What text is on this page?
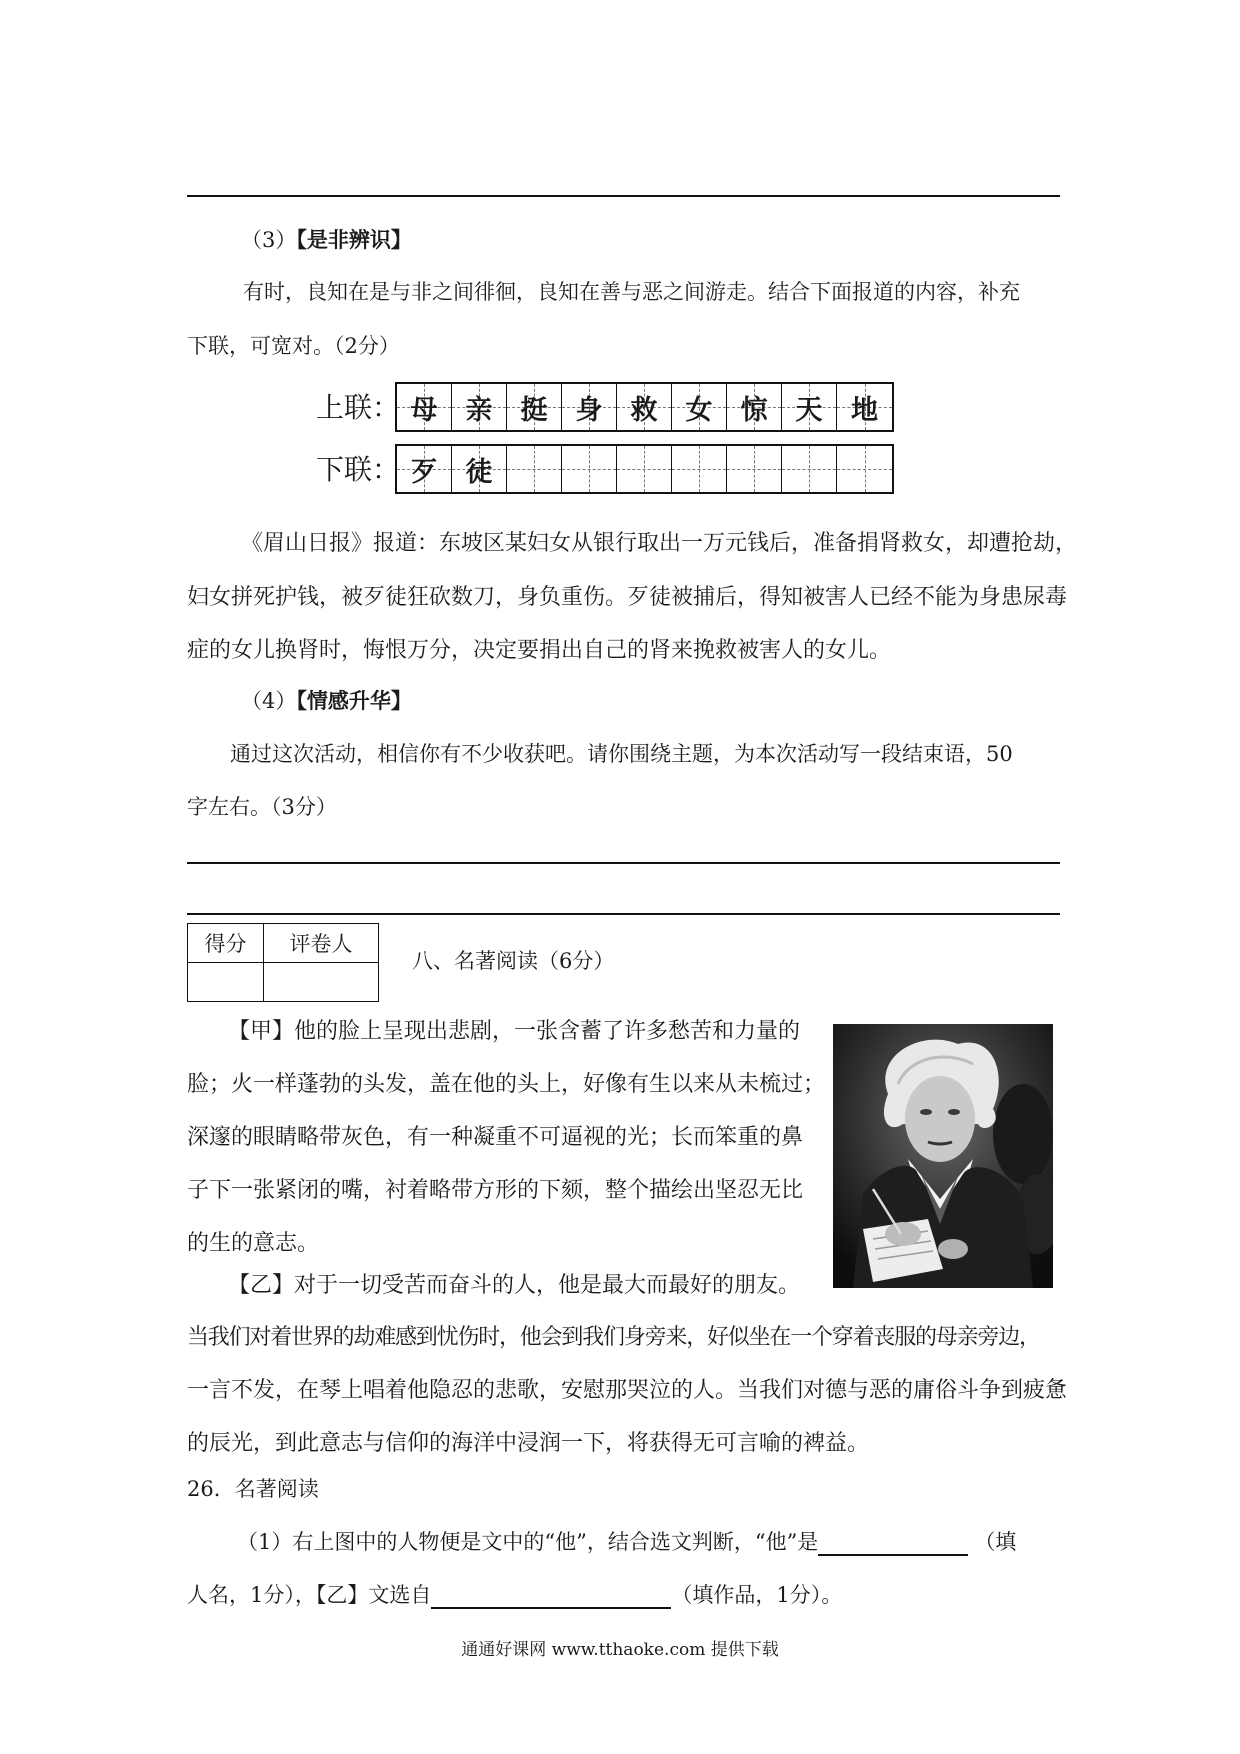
（3）【是非辨识】
有时，良知在是与非之间徘徊，良知在善与恶之间游走。结合下面报道的内容，补充
下联，可宽对。（2分）
上联： 母 亲 挺 身 救 女 惊 天 地
下联： 歹 徒
《眉山日报》报道：东坡区某妇女从银行取出一万元钱后，准备捐肾救女，却遭抢劫，
妇女拼死护钱，被歹徒狂砍数刀，身负重伤。歹徒被捕后，得知被害人已经不能为身患尿毒
症的女儿换肾时，悔恨万分，决定要捐出自己的肾来挽救被害人的女儿。
（4）【情感升华】
通过这次活动，相信你有不少收获吧。请你围绕主题，为本次活动写一段结束语，50
字左右。（3分）
得分	评卷人

八、名著阅读（6分）
【甲】他的脸上呈现出悲剧，一张含蓄了许多愁苦和力量的
脸；火一样蓬勃的头发，盖在他的头上，好像有生以来从未梳过；
深邃的眼睛略带灰色，有一种凝重不可逼视的光；长而笨重的鼻
子下一张紧闭的嘴，衬着略带方形的下颏，整个描绘出坚忍无比
的生的意志。
【乙】对于一切受苦而奋斗的人，他是最大而最好的朋友。
当我们对着世界的劫难感到忧伤时，他会到我们身旁来，好似坐在一个穿着丧服的母亲旁边，
一言不发，在琴上唱着他隐忍的悲歌，安慰那哭泣的人。当我们对德与恶的庸俗斗争到疲惫
的辰光，到此意志与信仰的海洋中浸润一下，将获得无可言喻的裨益。
26．名著阅读
（1）右上图中的人物便是文中的“他”，结合选文判断，“他”是	（填
人名，1分），【乙】文选自	（填作品，1分）。
通通好课网 www.tthaoke.com 提供下载
